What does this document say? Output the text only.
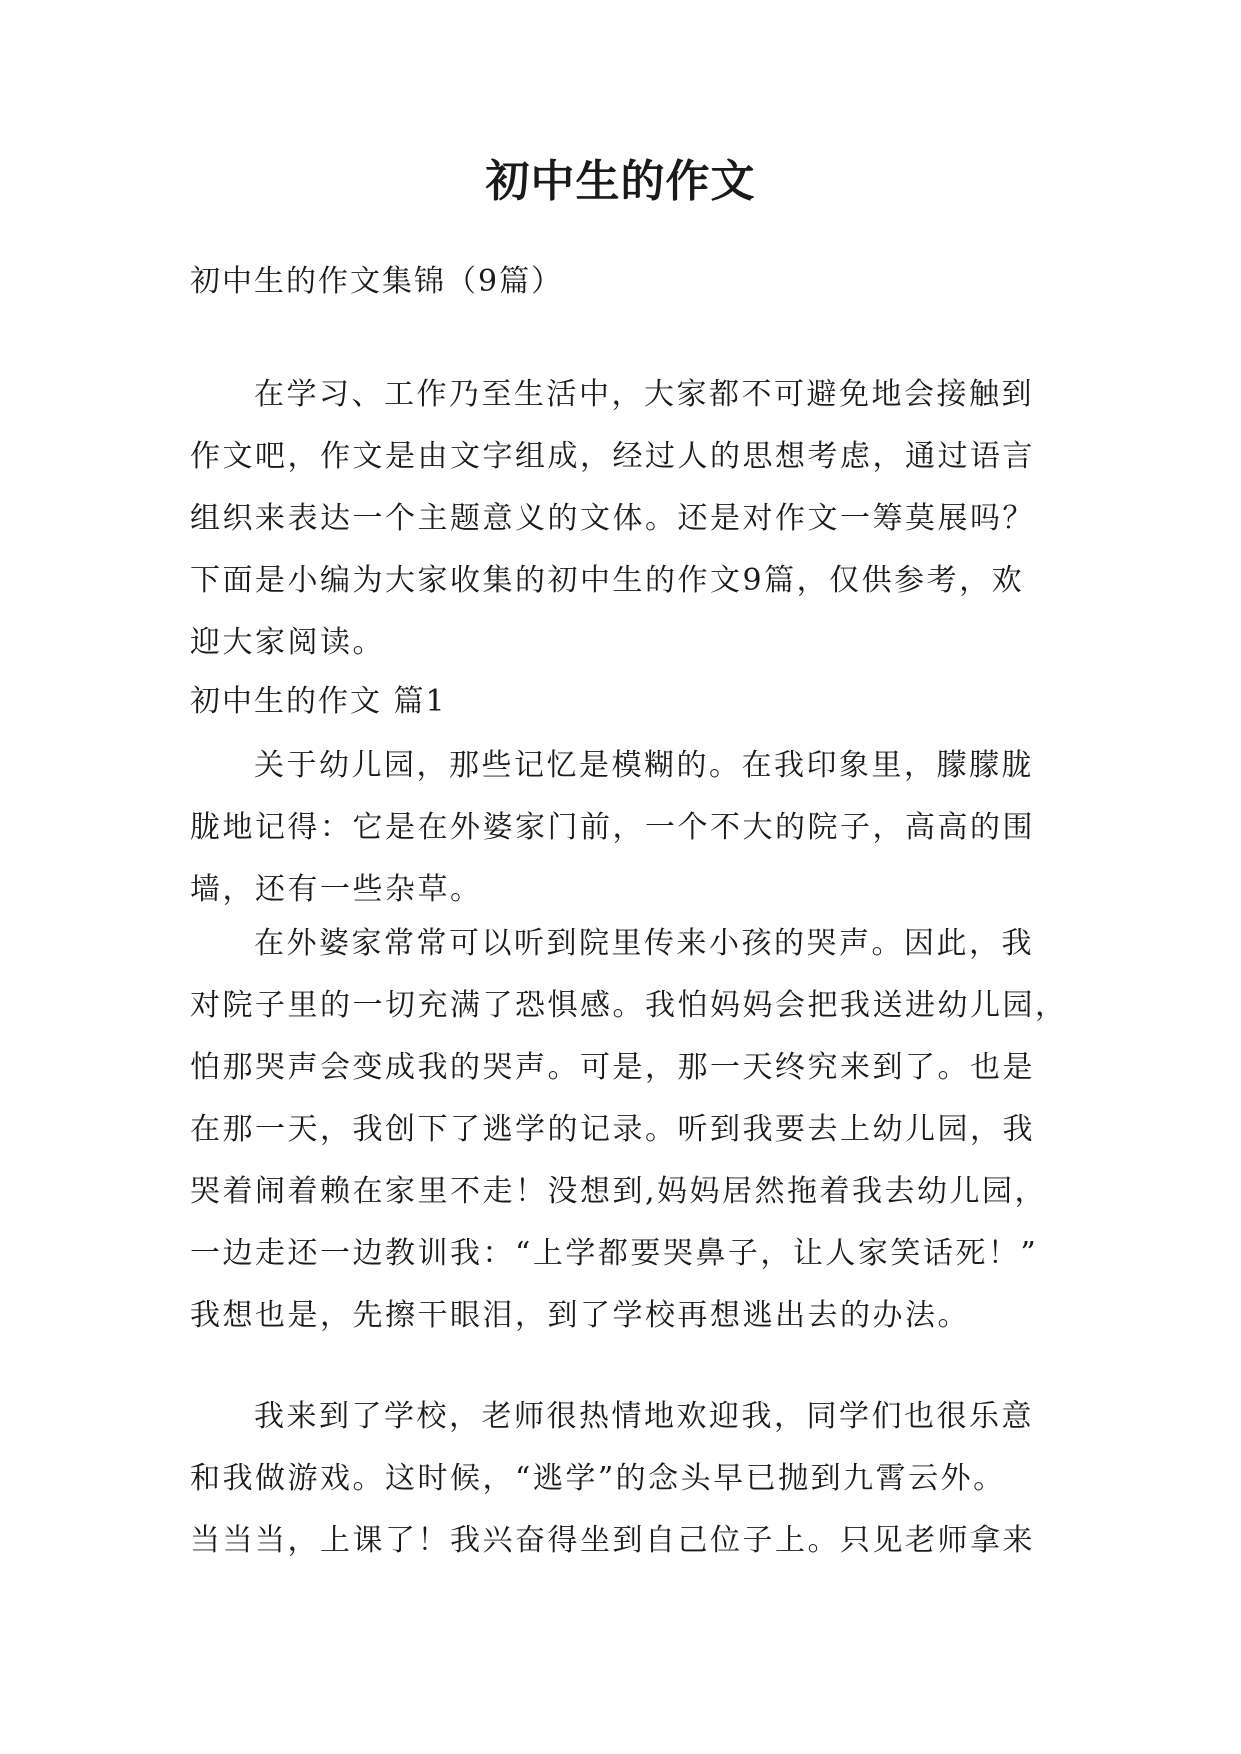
初中生的作文

初中生的作文集锦（9篇）

在学习、工作乃至生活中，大家都不可避免地会接触到
作文吧，作文是由文字组成，经过人的思想考虑，通过语言
组织来表达一个主题意义的文体。还是对作文一筹莫展吗？
下面是小编为大家收集的初中生的作文9篇，仅供参考，欢
迎大家阅读。

初中生的作文 篇1

关于幼儿园，那些记忆是模糊的。在我印象里，朦朦胧
胧地记得：它是在外婆家门前，一个不大的院子，高高的围
墙，还有一些杂草。
在外婆家常常可以听到院里传来小孩的哭声。因此，我
对院子里的一切充满了恐惧感。我怕妈妈会把我送进幼儿园，
怕那哭声会变成我的哭声。可是，那一天终究来到了。也是
在那一天，我创下了逃学的记录。听到我要去上幼儿园，我
哭着闹着赖在家里不走！没想到,妈妈居然拖着我去幼儿园，
一边走还一边教训我：“上学都要哭鼻子，让人家笑话死！”
我想也是，先擦干眼泪，到了学校再想逃出去的办法。
我来到了学校，老师很热情地欢迎我，同学们也很乐意
和我做游戏。这时候，“逃学”的念头早已抛到九霄云外。
当当当，上课了！我兴奋得坐到自己位子上。只见老师拿来
